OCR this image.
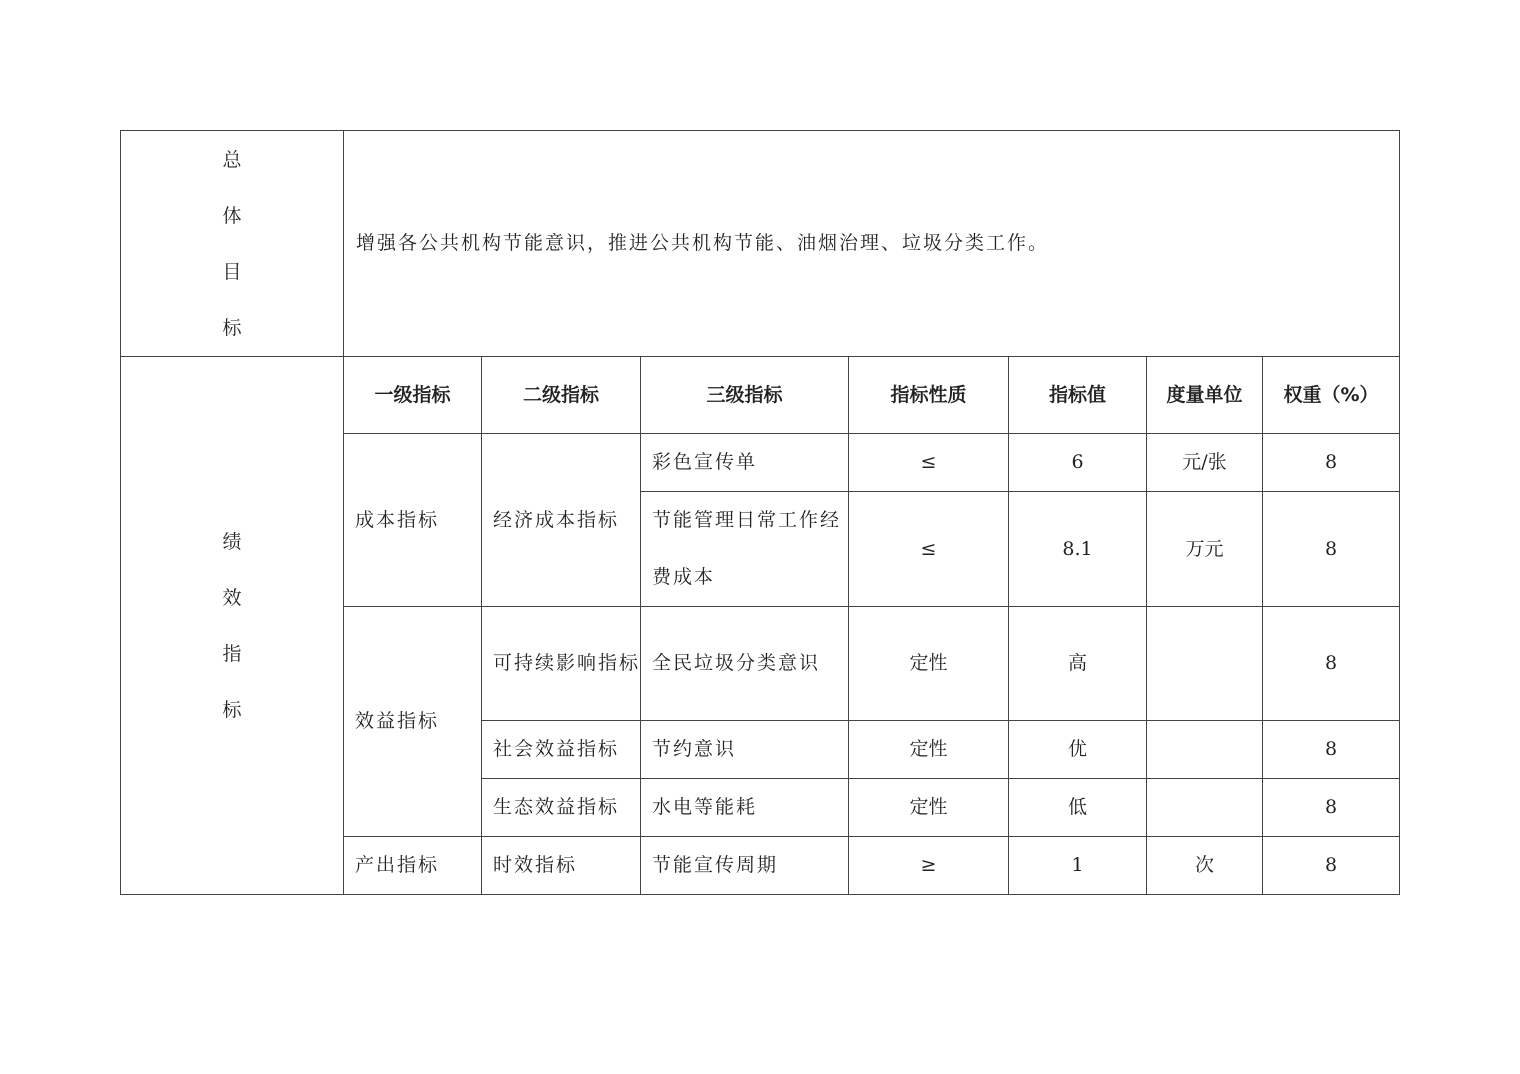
总
体
目
标	增强各公共机构节能意识，推进公共机构节能、油烟治理、垃圾分类工作。						

绩
效
指
标	一级指标	二级指标	三级指标	指标性质	指标值	度量单位	权重（%）
	成本指标	经济成本指标	彩色宣传单	≤	6	元/张	8
			节能管理日常工作经费成本	≤	8.1	万元	8
	效益指标	可持续影响指标	全民垃圾分类意识	定性	高		8
		社会效益指标	节约意识	定性	优		8
		生态效益指标	水电等能耗	定性	低		8
	产出指标	时效指标	节能宣传周期	≥	1	次	8
